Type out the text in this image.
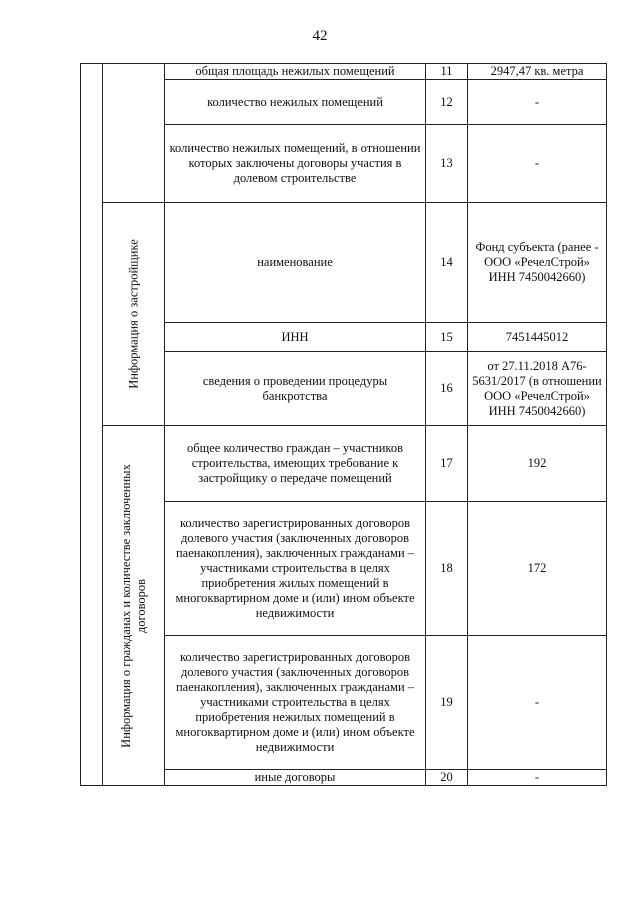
42
		общая площадь нежилых помещений	11	2947,47 кв. метра
		количество нежилых помещений	12	-
		количество нежилых помещений, в отношении которых заключены договоры участия в долевом строительстве	13	-

	Информация о застройщике	наименование	14	Фонд субъекта (ранее - ООО «РечелСтрой» ИНН 7450042660)
		ИНН	15	7451445012
		сведения о проведении процедуры банкротства	16	от 27.11.2018 А76-5631/2017 (в отношении ООО «РечелСтрой» ИНН 7450042660)

	Информация о гражданах и количестве заключенных договоров	общее количество граждан – участников строительства, имеющих требование к застройщику о передаче помещений	17	192
		количество зарегистрированных договоров долевого участия (заключенных договоров паенакопления), заключенных гражданами – участниками строительства в целях приобретения жилых помещений в многоквартирном доме и (или) ином объекте недвижимости	18	172
		количество зарегистрированных договоров долевого участия (заключенных договоров паенакопления), заключенных гражданами – участниками строительства в целях приобретения нежилых помещений в многоквартирном доме и (или) ином объекте недвижимости	19	-
		иные договоры	20	-
